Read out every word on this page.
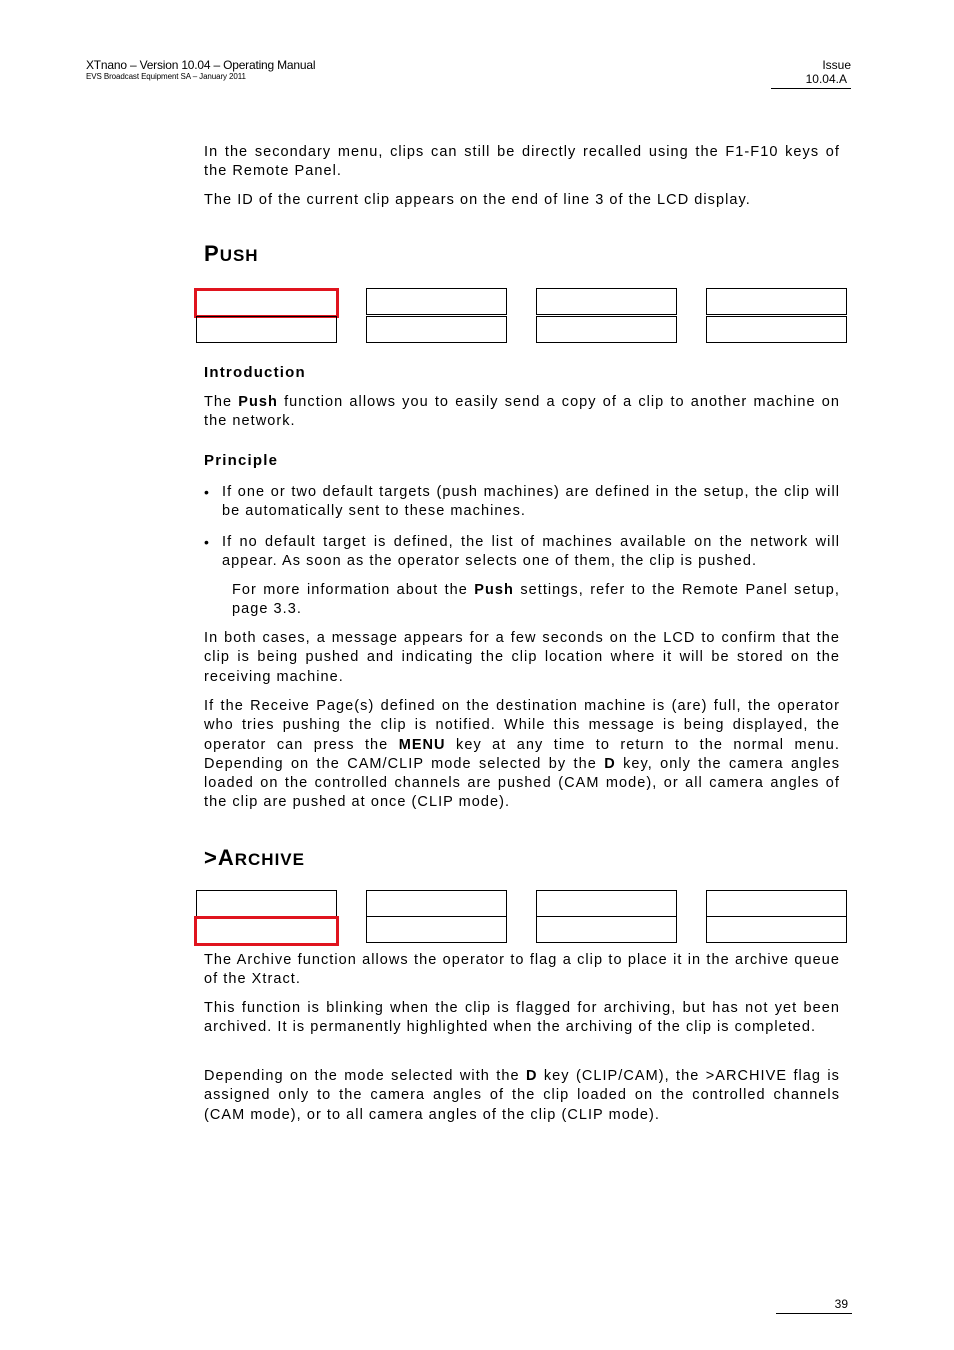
XTnano – Version 10.04 – Operating Manual
EVS Broadcast Equipment SA – January 2011
Issue
10.04.A

In the secondary menu, clips can still be directly recalled using the F1-F10 keys of the Remote Panel.

The ID of the current clip appears on the end of line 3 of the LCD display.

PUSH
Introduction

The Push function allows you to easily send a copy of a clip to another machine on the network.

Principle
• If one or two default targets (push machines) are defined in the setup, the clip will be automatically sent to these machines.

• If no default target is defined, the list of machines available on the network will appear. As soon as the operator selects one of them, the clip is pushed.

For more information about the Push settings, refer to the Remote Panel setup, page 3.3.

In both cases, a message appears for a few seconds on the LCD to confirm that the clip is being pushed and indicating the clip location where it will be stored on the receiving machine.

If the Receive Page(s) defined on the destination machine is (are) full, the operator who tries pushing the clip is notified. While this message is being displayed, the operator can press the MENU key at any time to return to the normal menu. Depending on the CAM/CLIP mode selected by the D key, only the camera angles loaded on the controlled channels are pushed (CAM mode), or all camera angles of the clip are pushed at once (CLIP mode).

>ARCHIVE

The Archive function allows the operator to flag a clip to place it in the archive queue of the Xtract.

This function is blinking when the clip is flagged for archiving, but has not yet been archived. It is permanently highlighted when the archiving of the clip is completed.

Depending on the mode selected with the D key (CLIP/CAM), the >ARCHIVE flag is assigned only to the camera angles of the clip loaded on the controlled channels (CAM mode), or to all camera angles of the clip (CLIP mode).

39
